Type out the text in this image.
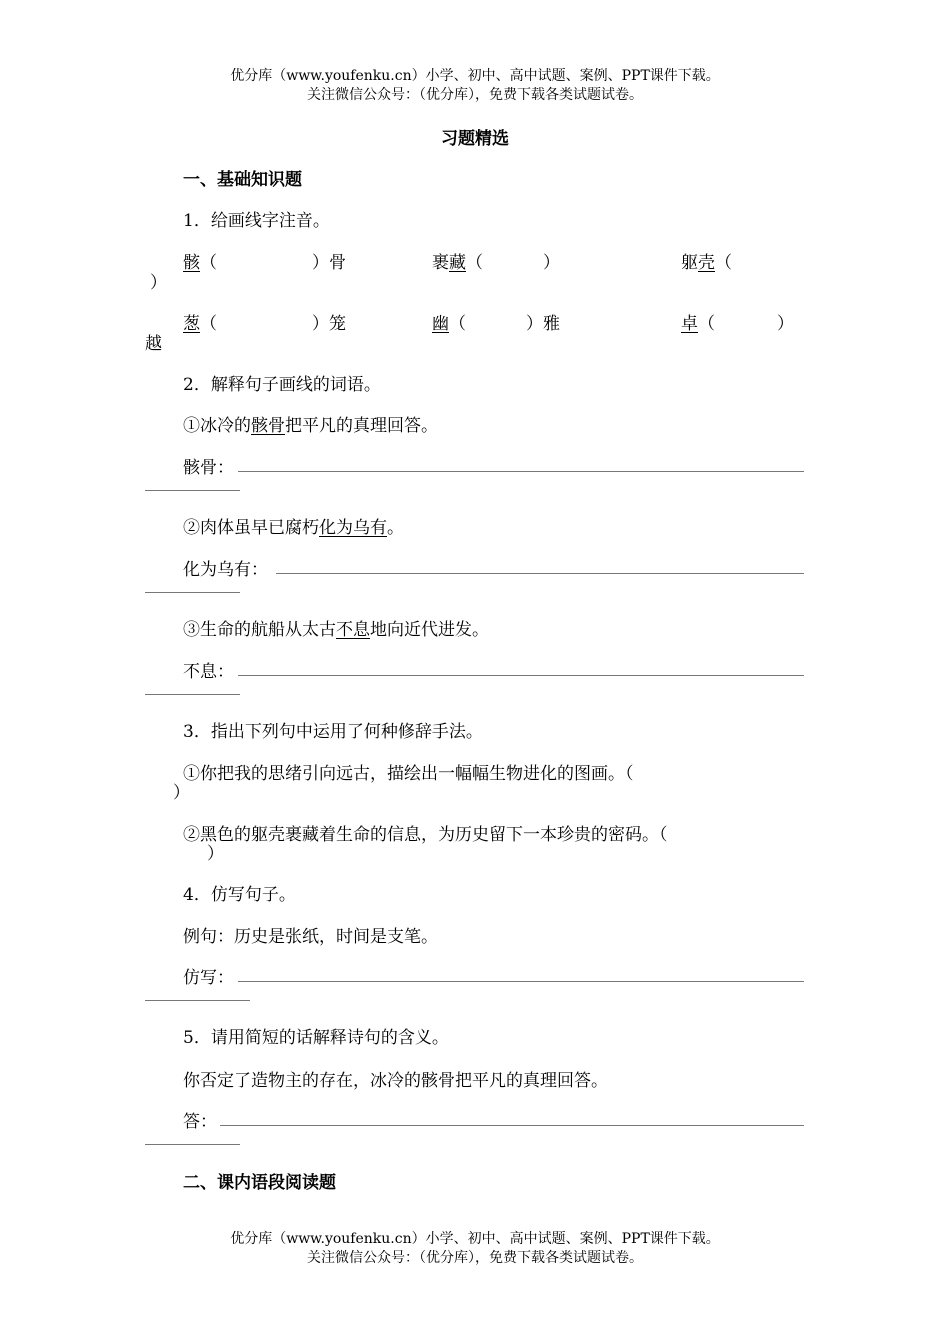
优分库（www.youfenku.cn）小学、初中、高中试题、案例、PPT课件下载。
关注微信公众号：（优分库），免费下载各类试题试卷。
习题精选
一、基础知识题
1．给画线字注音。
骸（	）骨	裹藏（	）	躯壳（
）
葱（	）笼	幽（	）雅	卓（	）
越
2．解释句子画线的词语。
①冰冷的骸骨把平凡的真理回答。
骸骨：
②肉体虽早已腐朽化为乌有。
化为乌有：
③生命的航船从太古不息地向近代进发。
不息：
3．指出下列句中运用了何种修辞手法。
①你把我的思绪引向远古，描绘出一幅幅生物进化的图画。（
）
②黑色的躯壳裹藏着生命的信息，为历史留下一本珍贵的密码。（
）
4．仿写句子。
例句：历史是张纸，时间是支笔。
仿写：
5．请用简短的话解释诗句的含义。
你否定了造物主的存在，冰冷的骸骨把平凡的真理回答。
答：
二、课内语段阅读题
优分库（www.youfenku.cn）小学、初中、高中试题、案例、PPT课件下载。
关注微信公众号：（优分库），免费下载各类试题试卷。
